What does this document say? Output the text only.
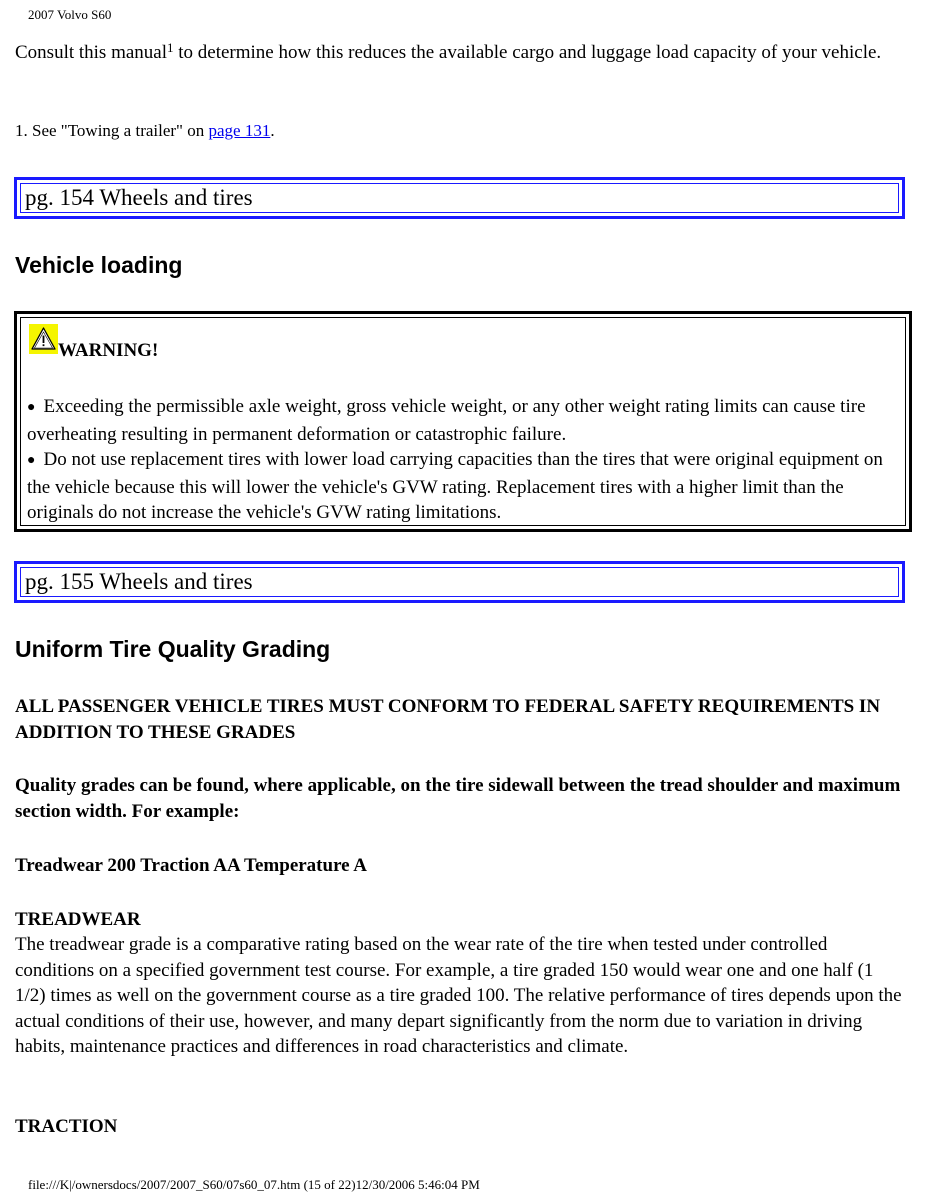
2007 Volvo S60

Consult this manual$^1$ to determine how this reduces the available cargo and luggage load capacity of your vehicle.

1. See "Towing a trailer" on page 131.
pg. 154 Wheels and tires
Vehicle loading
WARNING!
● Exceeding the permissible axle weight, gross vehicle weight, or any other weight rating limits can cause tire overheating resulting in permanent deformation or catastrophic failure.
● Do not use replacement tires with lower load carrying capacities than the tires that were original equipment on the vehicle because this will lower the vehicle's GVW rating. Replacement tires with a higher limit than the originals do not increase the vehicle's GVW rating limitations.
pg. 155 Wheels and tires
Uniform Tire Quality Grading

ALL PASSENGER VEHICLE TIRES MUST CONFORM TO FEDERAL SAFETY REQUIREMENTS IN ADDITION TO THESE GRADES

Quality grades can be found, where applicable, on the tire sidewall between the tread shoulder and maximum section width. For example:

Treadwear 200 Traction AA Temperature A

TREADWEAR

The treadwear grade is a comparative rating based on the wear rate of the tire when tested under controlled conditions on a specified government test course. For example, a tire graded 150 would wear one and one half (1 1/2) times as well on the government course as a tire graded 100. The relative performance of tires depends upon the actual conditions of their use, however, and many depart significantly from the norm due to variation in driving habits, maintenance practices and differences in road characteristics and climate.

TRACTION

file:///K|/ownersdocs/2007/2007_S60/07s60_07.htm (15 of 22)12/30/2006 5:46:04 PM
